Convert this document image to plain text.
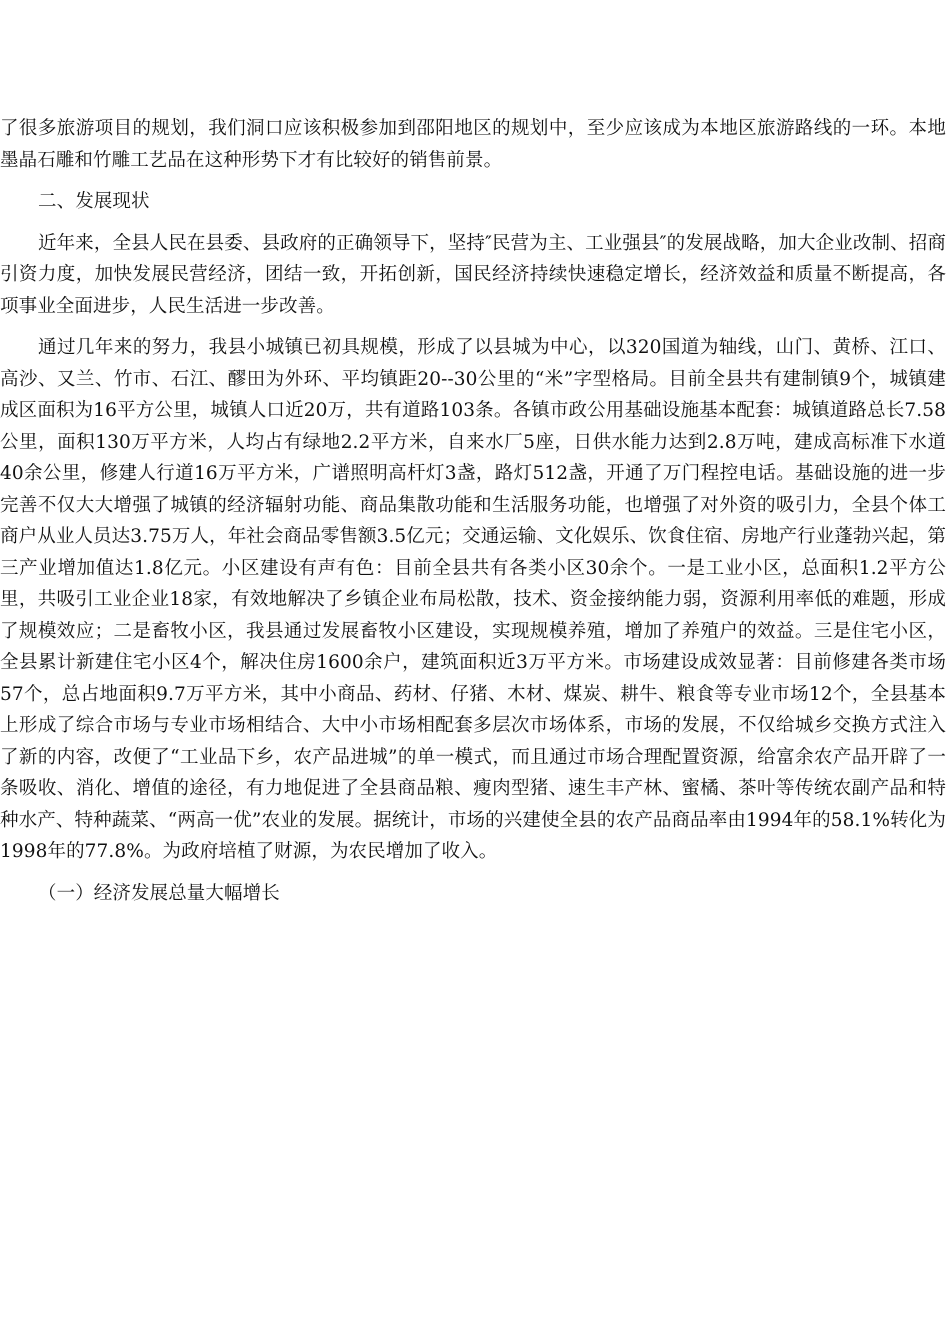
了很多旅游项目的规划，我们洞口应该积极参加到邵阳地区的规划中，至少应该成为本地区旅游路线的一环。本地墨晶石雕和竹雕工艺品在这种形势下才有比较好的销售前景。

二、发展现状

近年来，全县人民在县委、县政府的正确领导下，坚持″民营为主、工业强县″的发展战略，加大企业改制、招商引资力度，加快发展民营经济，团结一致，开拓创新，国民经济持续快速稳定增长，经济效益和质量不断提高，各项事业全面进步，人民生活进一步改善。

通过几年来的努力，我县小城镇已初具规模，形成了以县城为中心，以320国道为轴线，山门、黄桥、江口、高沙、又兰、竹市、石江、醪田为外环、平均镇距20--30公里的“米”字型格局。目前全县共有建制镇9个，城镇建成区面积为16平方公里，城镇人口近20万，共有道路103条。各镇市政公用基础设施基本配套：城镇道路总长7.58公里，面积130万平方米，人均占有绿地2.2平方米，自来水厂5座，日供水能力达到2.8万吨，建成高标准下水道40余公里，修建人行道16万平方米，广谱照明高杆灯3盏，路灯512盏，开通了万门程控电话。基础设施的进一步完善不仅大大增强了城镇的经济辐射功能、商品集散功能和生活服务功能，也增强了对外资的吸引力，全县个体工商户从业人员达3.75万人，年社会商品零售额3.5亿元；交通运输、文化娱乐、饮食住宿、房地产行业蓬勃兴起，第三产业增加值达1.8亿元。小区建设有声有色：目前全县共有各类小区30余个。一是工业小区，总面积1.2平方公里，共吸引工业企业18家，有效地解决了乡镇企业布局松散，技术、资金接纳能力弱，资源利用率低的难题，形成了规模效应；二是畜牧小区，我县通过发展畜牧小区建设，实现规模养殖，增加了养殖户的效益。三是住宅小区，全县累计新建住宅小区4个，解决住房1600余户，建筑面积近3万平方米。市场建设成效显著：目前修建各类市场57个，总占地面积9.7万平方米，其中小商品、药材、仔猪、木材、煤炭、耕牛、粮食等专业市场12个，全县基本上形成了综合市场与专业市场相结合、大中小市场相配套多层次市场体系，市场的发展，不仅给城乡交换方式注入了新的内容，改便了“工业品下乡，农产品进城”的单一模式，而且通过市场合理配置资源，给富余农产品开辟了一条吸收、消化、增值的途径，有力地促进了全县商品粮、瘦肉型猪、速生丰产林、蜜橘、茶叶等传统农副产品和特种水产、特种蔬菜、“两高一优”农业的发展。据统计，市场的兴建使全县的农产品商品率由1994年的58.1%转化为1998年的77.8%。为政府培植了财源，为农民增加了收入。

（一）经济发展总量大幅增长
